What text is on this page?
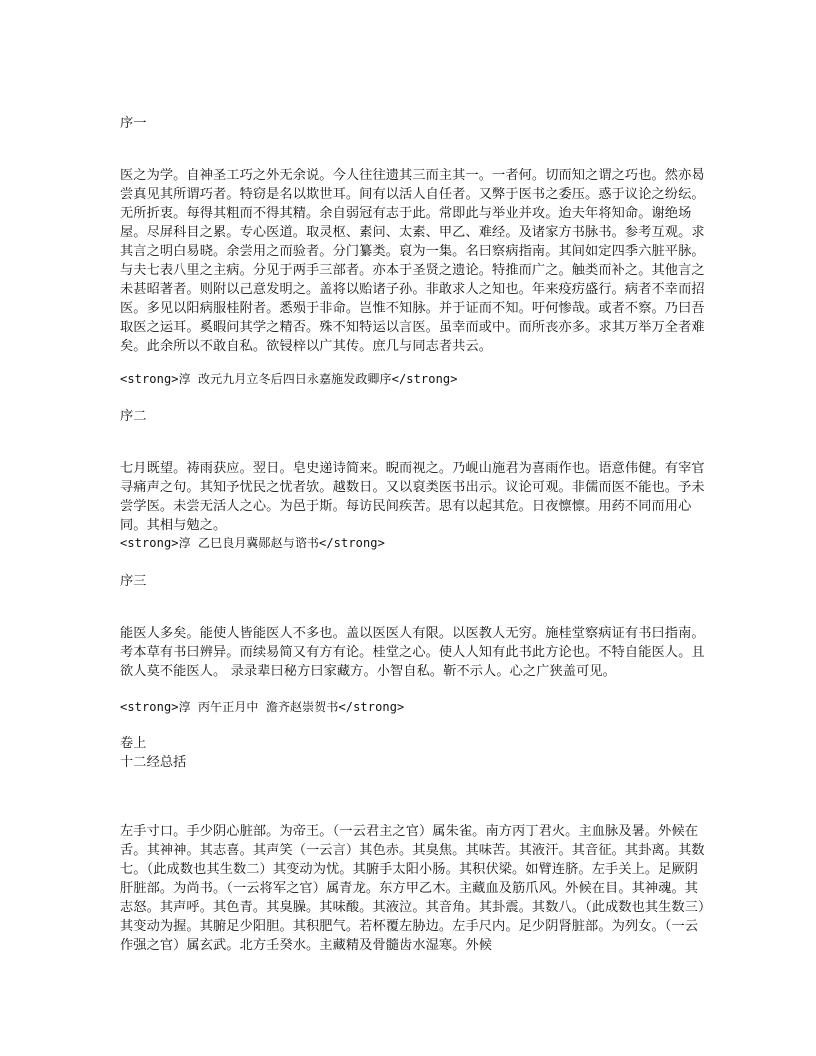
序一
医之为学。自神圣工巧之外无余说。今人往往遗其三而主其一。一者何。切而知之谓之巧也。然亦曷尝真见其所谓巧者。特窃是名以欺世耳。间有以活人自任者。又弊于医书之委压。惑于议论之纷纭。无所折衷。每得其粗而不得其精。余自弱冠有志于此。常即此与举业并攻。迨夫年将知命。谢绝场屋。尽屏科目之累。专心医道。取灵枢、素问、太素、甲乙、难经。及诸家方书脉书。参考互观。求其言之明白易晓。余尝用之而验者。分门纂类。裒为一集。名曰察病指南。其间如定四季六脏平脉。与夫七表八里之主病。分见于两手三部者。亦本于圣贤之遗论。特推而广之。触类而补之。其他言之未甚昭著者。则附以己意发明之。盖将以贻诸子孙。非敢求人之知也。年来疫疠盛行。病者不幸而招医。多见以阳病服桂附者。悉殒于非命。岂惟不知脉。并于证而不知。吁何惨哉。或者不察。乃曰吾取医之运耳。奚暇问其学之精否。殊不知特运以言医。虽幸而或中。而所丧亦多。求其万举万全者难矣。此余所以不敢自私。欲锓梓以广其传。庶几与同志者共云。
<strong>淳 改元九月立冬后四日永嘉施发政卿序</strong>
序二
七月既望。祷雨获应。翌日。皂史递诗简来。睨而视之。乃岘山施君为喜雨作也。语意伟健。有宰官寻痛声之句。其知予忧民之忧者欤。越数日。又以裒类医书出示。议论可观。非儒而医不能也。予未尝学医。未尝无活人之心。为邑于斯。每访民间疾苦。思有以起其危。日夜懔懔。用药不同而用心同。其相与勉之。
<strong>淳 乙巳良月冀郧赵与谘书</strong>
序三
能医人多矣。能使人皆能医人不多也。盖以医医人有限。以医教人无穷。施桂堂察病证有书曰指南。考本草有书曰辨异。而续易简又有方有论。桂堂之心。使人人知有此书此方论也。不特自能医人。且欲人莫不能医人。 录录辈曰秘方曰家藏方。小智自私。靳不示人。心之广狭盖可见。
<strong>淳 丙午正月中 澹齐赵崇贺书</strong>
卷上
十二经总括
左手寸口。手少阴心脏部。为帝王。（一云君主之官）属朱雀。南方丙丁君火。主血脉及暑。外候在舌。其神神。其志喜。其声笑（一云言）其色赤。其臭焦。其味苦。其液汗。其音征。其卦离。其数七。（此成数也其生数二）其变动为忧。其腑手太阳小肠。其积伏梁。如臂连脐。左手关上。足厥阴肝脏部。为尚书。（一云将军之官）属青龙。东方甲乙木。主藏血及筋爪风。外候在目。其神魂。其志怒。其声呼。其色青。其臭臊。其味酸。其液泣。其音角。其卦震。其数八。（此成数也其生数三）其变动为握。其腑足少阳胆。其积肥气。若杯覆左胁边。左手尺内。足少阴肾脏部。为列女。（一云作强之官）属玄武。北方壬癸水。主藏精及骨髓齿水湿寒。外候
